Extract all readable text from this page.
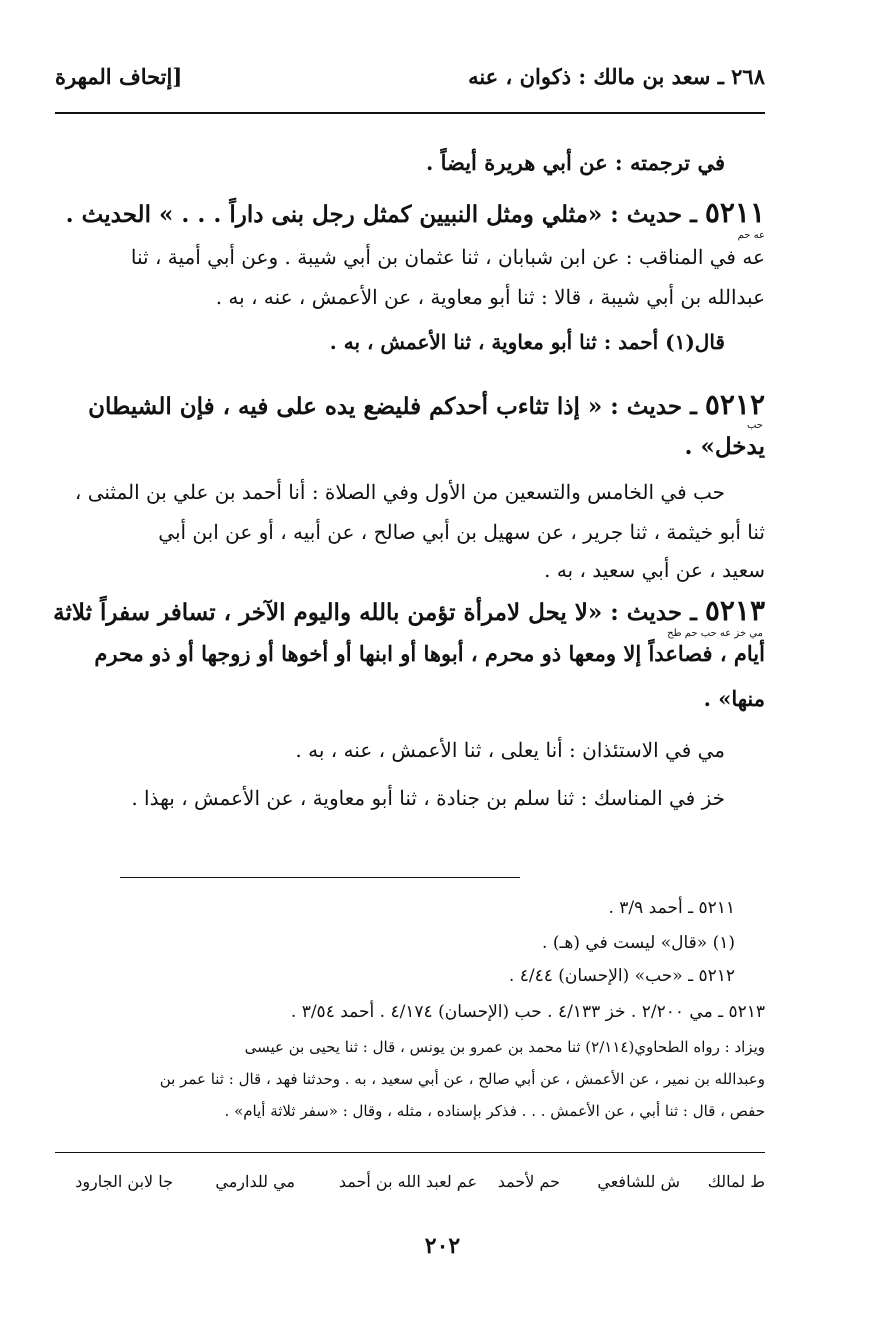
٢٦٨ ـ سعد بن مالك : ذكوان ، عنه
[إتحاف المهرة
في ترجمته : عن أبي هريرة أيضاً .
٥٢١١ ـ حديث : «مثلي ومثل النبيين كمثل رجل بنى داراً . . . » الحديث .
عه حم
عه في المناقب : عن ابن شبابان ، ثنا عثمان بن أبي شيبة . وعن أبي أمية ، ثنا
عبدالله بن أبي شيبة ، قالا : ثنا أبو معاوية ، عن الأعمش ، عنه ، به .
قال(١) أحمد : ثنا أبو معاوية ، ثنا الأعمش ، به .
٥٢١٢ ـ حديث : « إذا تثاءب أحدكم فليضع يده على فيه ، فإن الشيطان
حب
يدخل» .
حب في الخامس والتسعين من الأول وفي الصلاة : أنا أحمد بن علي بن المثنى ،
ثنا أبو خيثمة ، ثنا جرير ، عن سهيل بن أبي صالح ، عن أبيه ، أو عن ابن أبي
سعيد ، عن أبي سعيد ، به .
٥٢١٣ ـ حديث : «لا يحل لامرأة تؤمن بالله واليوم الآخر ، تسافر سفراً ثلاثة
مي خز عه حب حم طح
أيام ، فصاعداً إلا ومعها ذو محرم ، أبوها أو ابنها أو أخوها أو زوجها أو ذو محرم
منها» .
مي في الاستئذان : أنا يعلى ، ثنا الأعمش ، عنه ، به .
خز في المناسك : ثنا سلم بن جنادة ، ثنا أبو معاوية ، عن الأعمش ، بهذا .
٥٢١١ ـ أحمد ٣/٩ .
(١) «قال» ليست في (هـ) .
٥٢١٢ ـ «حب» (الإحسان) ٤/٤٤ .
٥٢١٣ ـ مي ٢/٢٠٠ . خز ٤/١٣٣ . حب (الإحسان) ٤/١٧٤ . أحمد ٣/٥٤ .
ويزاد : رواه الطحاوي(٢/١١٤) ثنا محمد بن عمرو بن يونس ، قال : ثنا يحيى بن عيسى
وعبدالله بن نمير ، عن الأعمش ، عن أبي صالح ، عن أبي سعيد ، به . وحدثنا فهد ، قال : ثنا عمر بن
حفص ، قال : ثنا أبي ، عن الأعمش . . . فذكر بإسناده ، مثله ، وقال : «سفر ثلاثة أيام» .
ط لمالك
ش للشافعي
حم لأحمد
عم لعبد الله بن أحمد
مي للدارمي
جا لابن الجارود
٢٠٢
